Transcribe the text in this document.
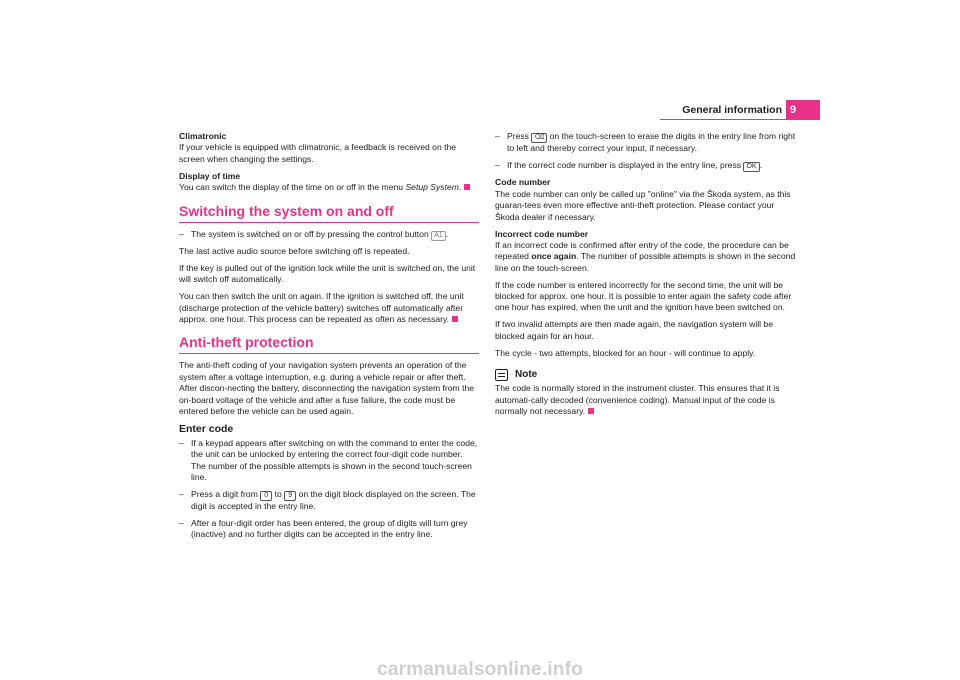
General information 9

Climatronic

If your vehicle is equipped with climatronic, a feedback is received on the screen when changing the settings.

Display of time

You can switch the display of the time on or off in the menu Setup System.

Switching the system on and off
– The system is switched on or off by pressing the control button A1 .

The last active audio source before switching off is repeated.

If the key is pulled out of the ignition lock while the unit is switched on, the unit will switch off automatically.

You can then switch the unit on again. If the ignition is switched off, the unit (discharge protection of the vehicle battery) switches off automatically after approx. one hour. This process can be repeated as often as necessary.

Anti-theft protection

The anti-theft coding of your navigation system prevents an operation of the system after a voltage interruption, e.g. during a vehicle repair or after theft. After discon-necting the battery, disconnecting the navigation system from the on-board voltage of the vehicle and after a fuse failure, the code must be entered before the vehicle can be used again.

Enter code
– If a keypad appears after switching on with the command to enter the code, the unit can be unlocked by entering the correct four-digit code number. The number of the possible attempts is shown in the second touch-screen line.
– Press a digit from 0 to 9 on the digit block displayed on the screen. The digit is accepted in the entry line.
– After a four-digit order has been entered, the group of digits will turn grey (inactive) and no further digits can be accepted in the entry line.
– Press ⌫ on the touch-screen to erase the digits in the entry line from right to left and thereby correct your input, if necessary.
– If the correct code number is displayed in the entry line, press OK .

Code number

The code number can only be called up "online" via the Škoda system, as this guaran-tees even more effective anti-theft protection. Please contact your Škoda dealer if necessary.

Incorrect code number

If an incorrect code is confirmed after entry of the code, the procedure can be repeated once again. The number of possible attempts is shown in the second line on the touch-screen.

If the code number is entered incorrectly for the second time, the unit will be blocked for approx. one hour. It is possible to enter again the safety code after one hour has expired, when the unit and the ignition have been switched on.

If two invalid attempts are then made again, the navigation system will be blocked again for an hour.

The cycle - two attempts, blocked for an hour - will continue to apply.

Note

The code is normally stored in the instrument cluster. This ensures that it is automati-cally decoded (convenience coding). Manual input of the code is normally not necessary.

carmanualsonline.info
